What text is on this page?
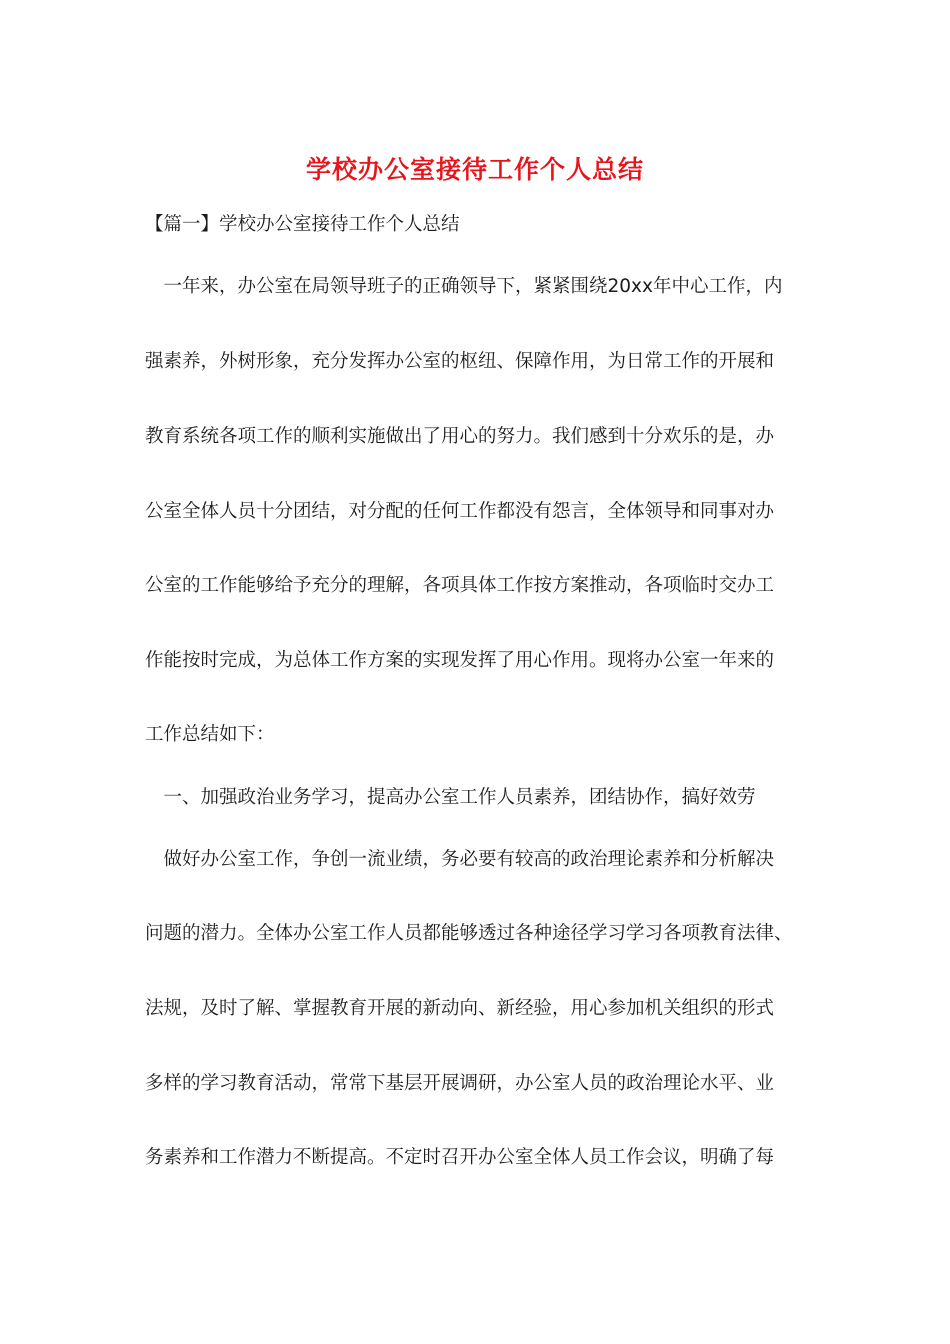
学校办公室接待工作个人总结
【篇一】学校办公室接待工作个人总结
　一年来，办公室在局领导班子的正确领导下，紧紧围绕20xx年中心工作，内
强素养，外树形象，充分发挥办公室的枢纽、保障作用，为日常工作的开展和
教育系统各项工作的顺利实施做出了用心的努力。我们感到十分欢乐的是，办
公室全体人员十分团结，对分配的任何工作都没有怨言，全体领导和同事对办
公室的工作能够给予充分的理解，各项具体工作按方案推动，各项临时交办工
作能按时完成，为总体工作方案的实现发挥了用心作用。现将办公室一年来的
工作总结如下：
　一、加强政治业务学习，提高办公室工作人员素养，团结协作，搞好效劳
　做好办公室工作，争创一流业绩，务必要有较高的政治理论素养和分析解决
问题的潜力。全体办公室工作人员都能够透过各种途径学习学习各项教育法律、
法规，及时了解、掌握教育开展的新动向、新经验，用心参加机关组织的形式
多样的学习教育活动，常常下基层开展调研，办公室人员的政治理论水平、业
务素养和工作潜力不断提高。不定时召开办公室全体人员工作会议，明确了每
